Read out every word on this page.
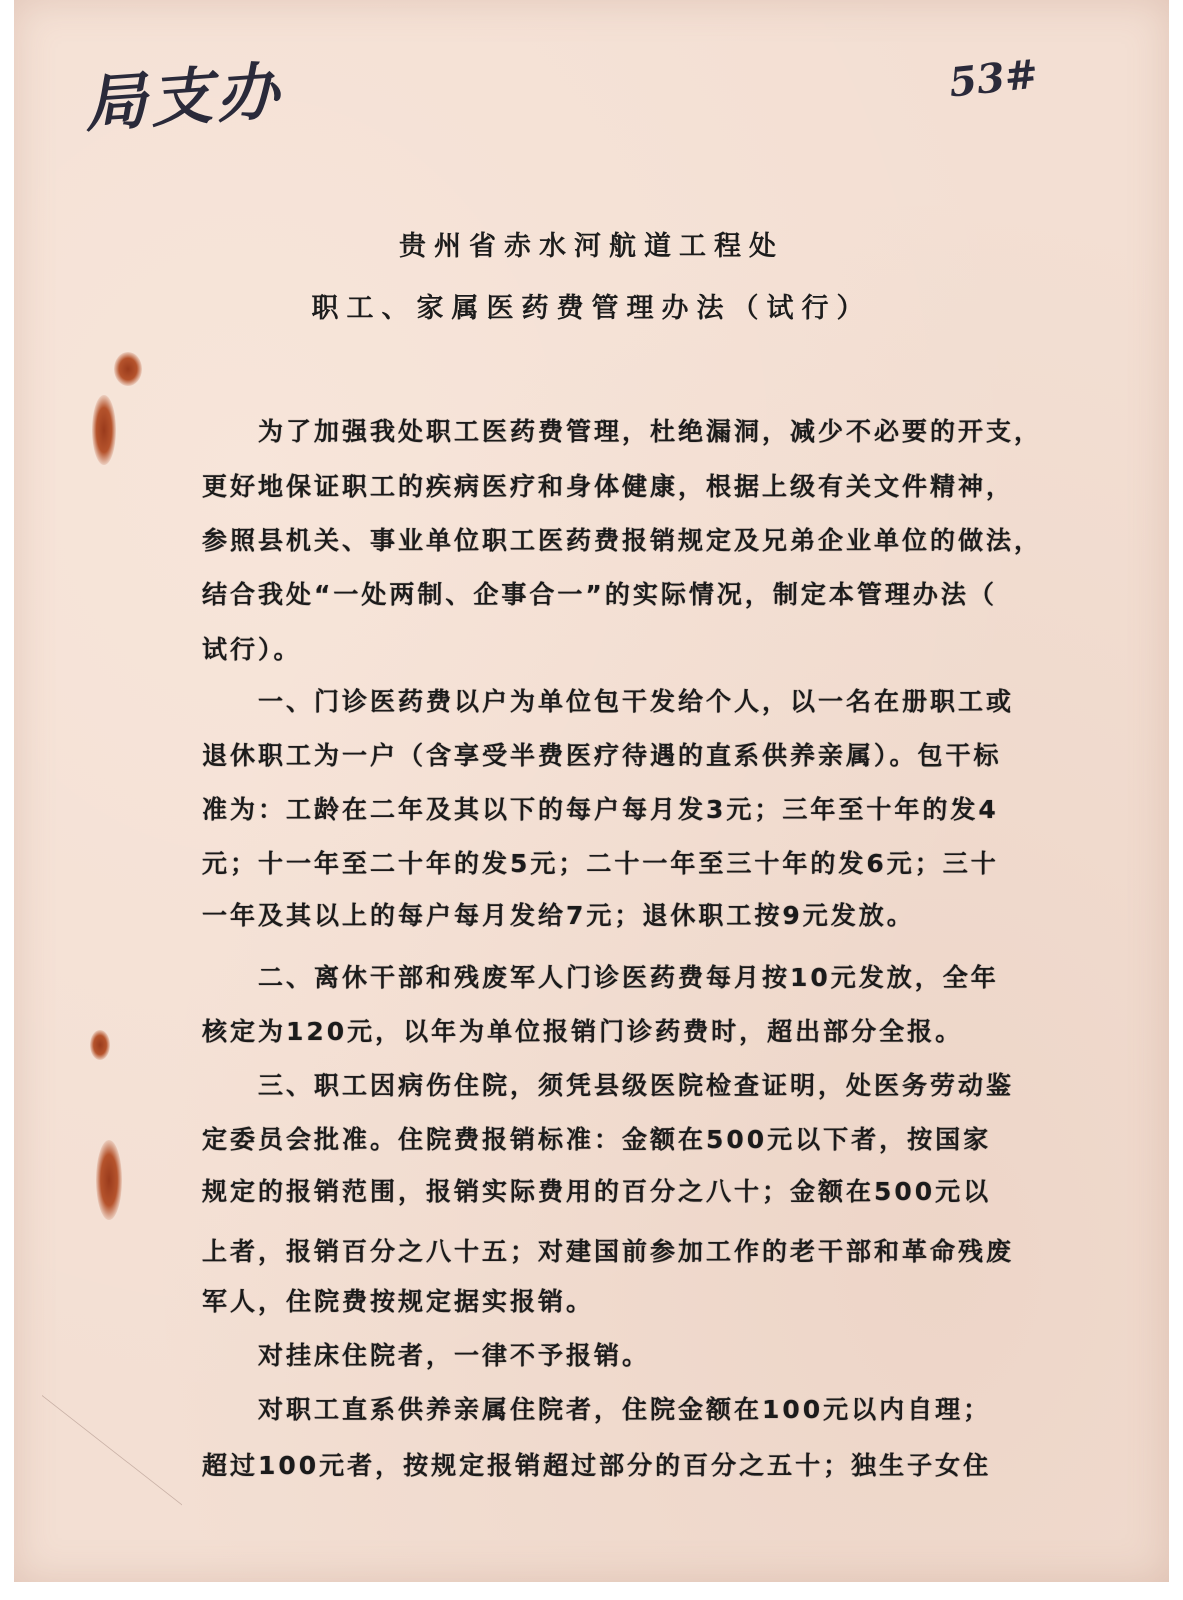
局支办	53#
贵州省赤水河航道工程处
职工、家属医药费管理办法（试行）
为了加强我处职工医药费管理，杜绝漏洞，减少不必要的开支，
更好地保证职工的疾病医疗和身体健康，根据上级有关文件精神，
参照县机关、事业单位职工医药费报销规定及兄弟企业单位的做法，
结合我处“一处两制、企事合一”的实际情况，制定本管理办法（
试行）。
一、门诊医药费以户为单位包干发给个人，以一名在册职工或
退休职工为一户（含享受半费医疗待遇的直系供养亲属）。包干标
准为：工龄在二年及其以下的每户每月发3元；三年至十年的发4
元；十一年至二十年的发5元；二十一年至三十年的发6元；三十
一年及其以上的每户每月发给7元；退休职工按9元发放。
二、离休干部和残废军人门诊医药费每月按10元发放，全年
核定为120元，以年为单位报销门诊药费时，超出部分全报。
三、职工因病伤住院，须凭县级医院检查证明，处医务劳动鉴
定委员会批准。住院费报销标准：金额在500元以下者，按国家
规定的报销范围，报销实际费用的百分之八十；金额在500元以
上者，报销百分之八十五；对建国前参加工作的老干部和革命残废
军人，住院费按规定据实报销。
对挂床住院者，一律不予报销。
对职工直系供养亲属住院者，住院金额在100元以内自理；
超过100元者，按规定报销超过部分的百分之五十；独生子女住
